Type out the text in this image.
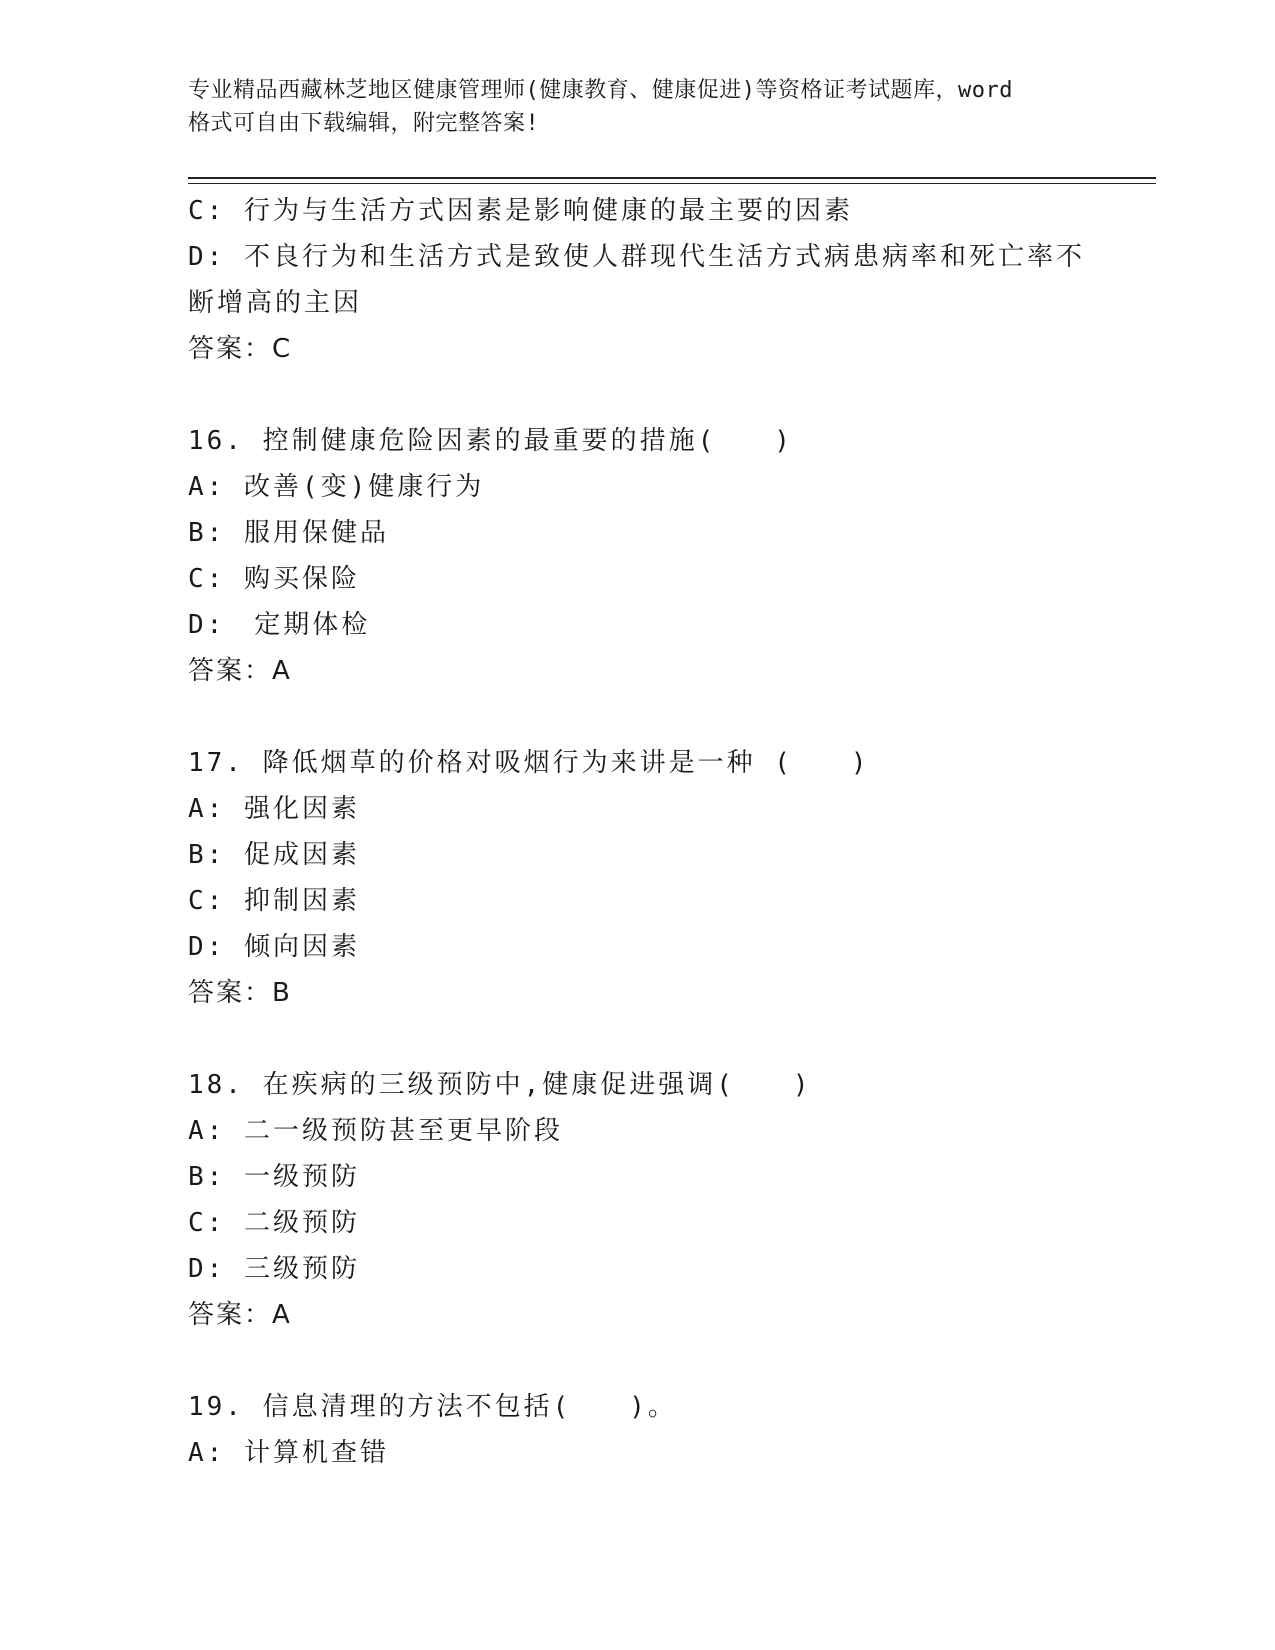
专业精品西藏林芝地区健康管理师(健康教育、健康促进)等资格证考试题库，word
格式可自由下载编辑，附完整答案!
C: 行为与生活方式因素是影响健康的最主要的因素
D: 不良行为和生活方式是致使人群现代生活方式病患病率和死亡率不
断增高的主因
答案：C
16. 控制健康危险因素的最重要的措施(　　)
A: 改善(变)健康行为
B: 服用保健品
C: 购买保险
D:　定期体检
答案：A
17. 降低烟草的价格对吸烟行为来讲是一种 (　　)
A: 强化因素
B: 促成因素
C: 抑制因素
D: 倾向因素
答案：B
18. 在疾病的三级预防中,健康促进强调(　　)
A: 二一级预防甚至更早阶段
B: 一级预防
C: 二级预防
D: 三级预防
答案：A
19. 信息清理的方法不包括(　　)。
A: 计算机查错
